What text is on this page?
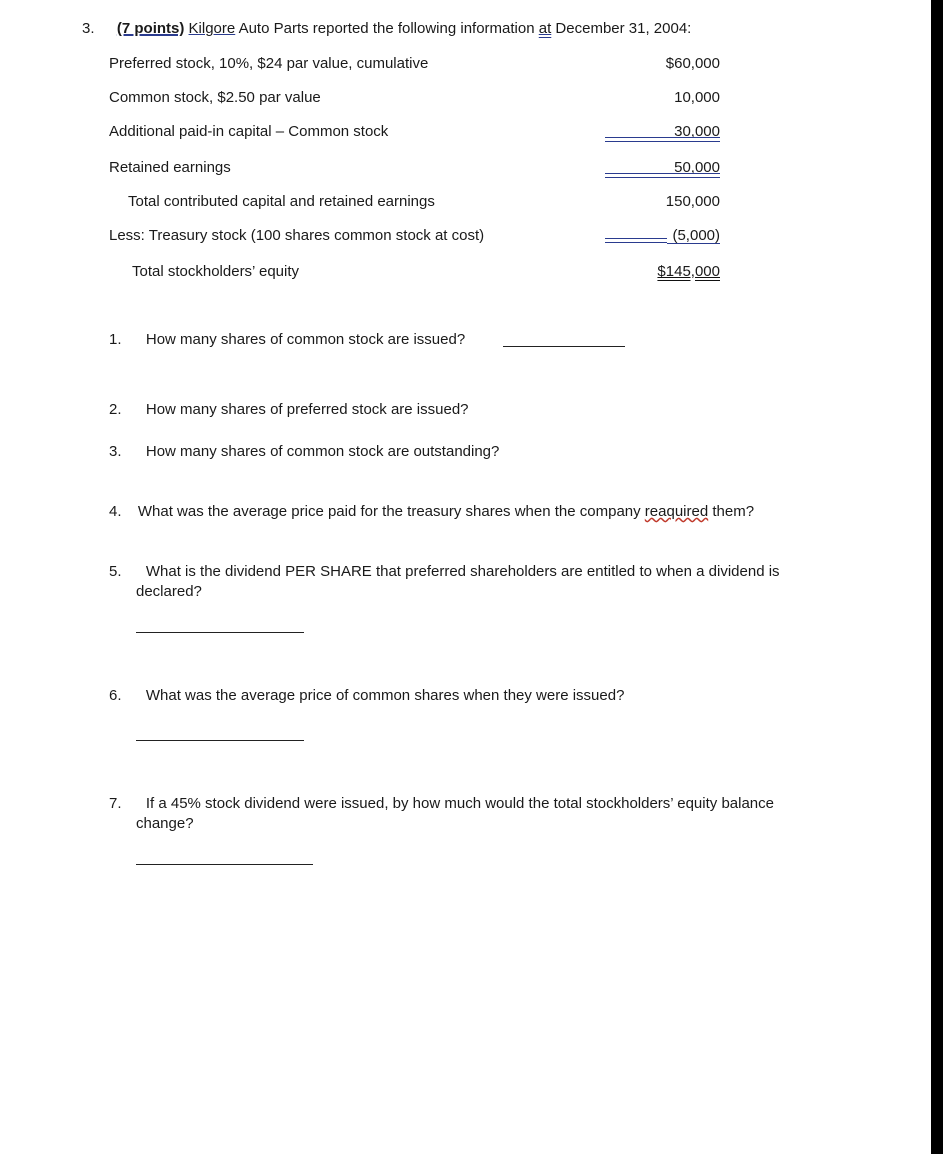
3. (7 points) Kilgore Auto Parts reported the following information at December 31, 2004:
Preferred stock, 10%, $24 par value, cumulative	$60,000
Common stock, $2.50 par value	10,000
Additional paid-in capital – Common stock	30,000
Retained earnings	50,000
Total contributed capital and retained earnings	150,000
Less: Treasury stock (100 shares common stock at cost)	(5,000)
Total stockholders’ equity	$145,000
1. How many shares of common stock are issued?
2. How many shares of preferred stock are issued?
3. How many shares of common stock are outstanding?
4. What was the average price paid for the treasury shares when the company reaquired them?
5. What is the dividend PER SHARE that preferred shareholders are entitled to when a dividend is
declared?
6. What was the average price of common shares when they were issued?
7. If a 45% stock dividend were issued, by how much would the total stockholders’ equity balance
change?
